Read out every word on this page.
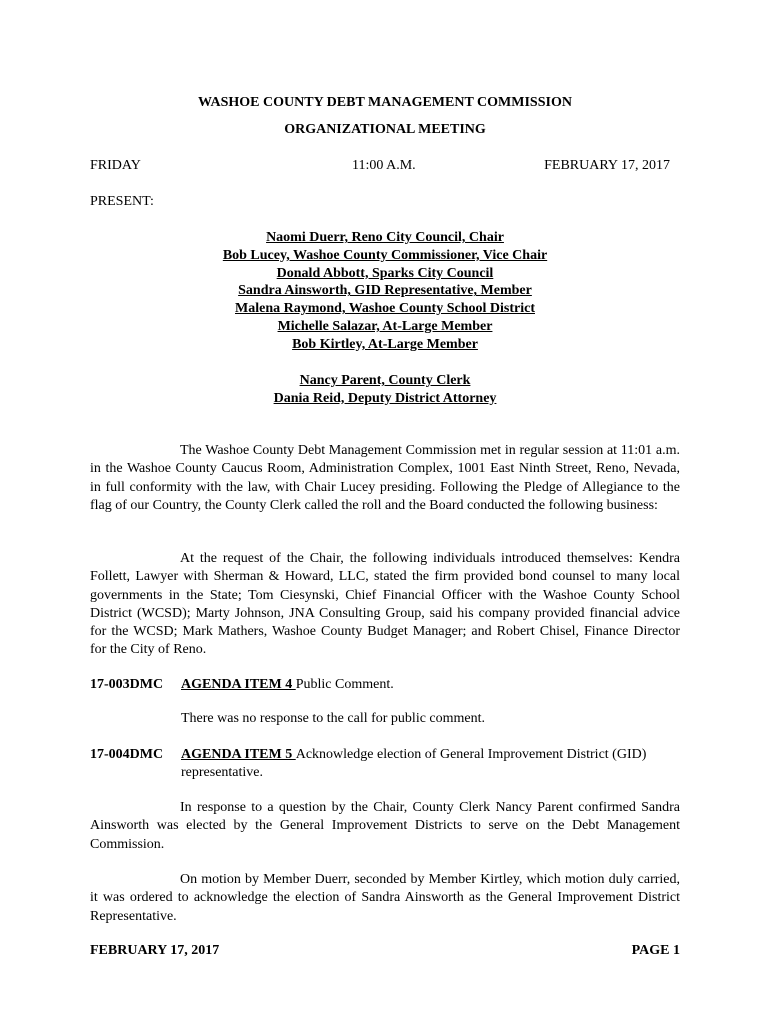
WASHOE COUNTY DEBT MANAGEMENT COMMISSION
ORGANIZATIONAL MEETING
FRIDAY	11:00 A.M.	FEBRUARY 17, 2017
PRESENT:
Naomi Duerr, Reno City Council, Chair
Bob Lucey, Washoe County Commissioner, Vice Chair
Donald Abbott, Sparks City Council
Sandra Ainsworth, GID Representative, Member
Malena Raymond, Washoe County School District
Michelle Salazar, At-Large Member
Bob Kirtley, At-Large Member
Nancy Parent, County Clerk
Dania Reid, Deputy District Attorney
The Washoe County Debt Management Commission met in regular session at 11:01 a.m. in the Washoe County Caucus Room, Administration Complex, 1001 East Ninth Street, Reno, Nevada, in full conformity with the law, with Chair Lucey presiding. Following the Pledge of Allegiance to the flag of our Country, the County Clerk called the roll and the Board conducted the following business:
At the request of the Chair, the following individuals introduced themselves: Kendra Follett, Lawyer with Sherman & Howard, LLC, stated the firm provided bond counsel to many local governments in the State; Tom Ciesynski, Chief Financial Officer with the Washoe County School District (WCSD); Marty Johnson, JNA Consulting Group, said his company provided financial advice for the WCSD; Mark Mathers, Washoe County Budget Manager; and Robert Chisel, Finance Director for the City of Reno.
17-003DMC AGENDA ITEM 4 Public Comment.
There was no response to the call for public comment.
17-004DMC AGENDA ITEM 5 Acknowledge election of General Improvement District (GID) representative.
In response to a question by the Chair, County Clerk Nancy Parent confirmed Sandra Ainsworth was elected by the General Improvement Districts to serve on the Debt Management Commission.
On motion by Member Duerr, seconded by Member Kirtley, which motion duly carried, it was ordered to acknowledge the election of Sandra Ainsworth as the General Improvement District Representative.
FEBRUARY 17, 2017	PAGE 1
